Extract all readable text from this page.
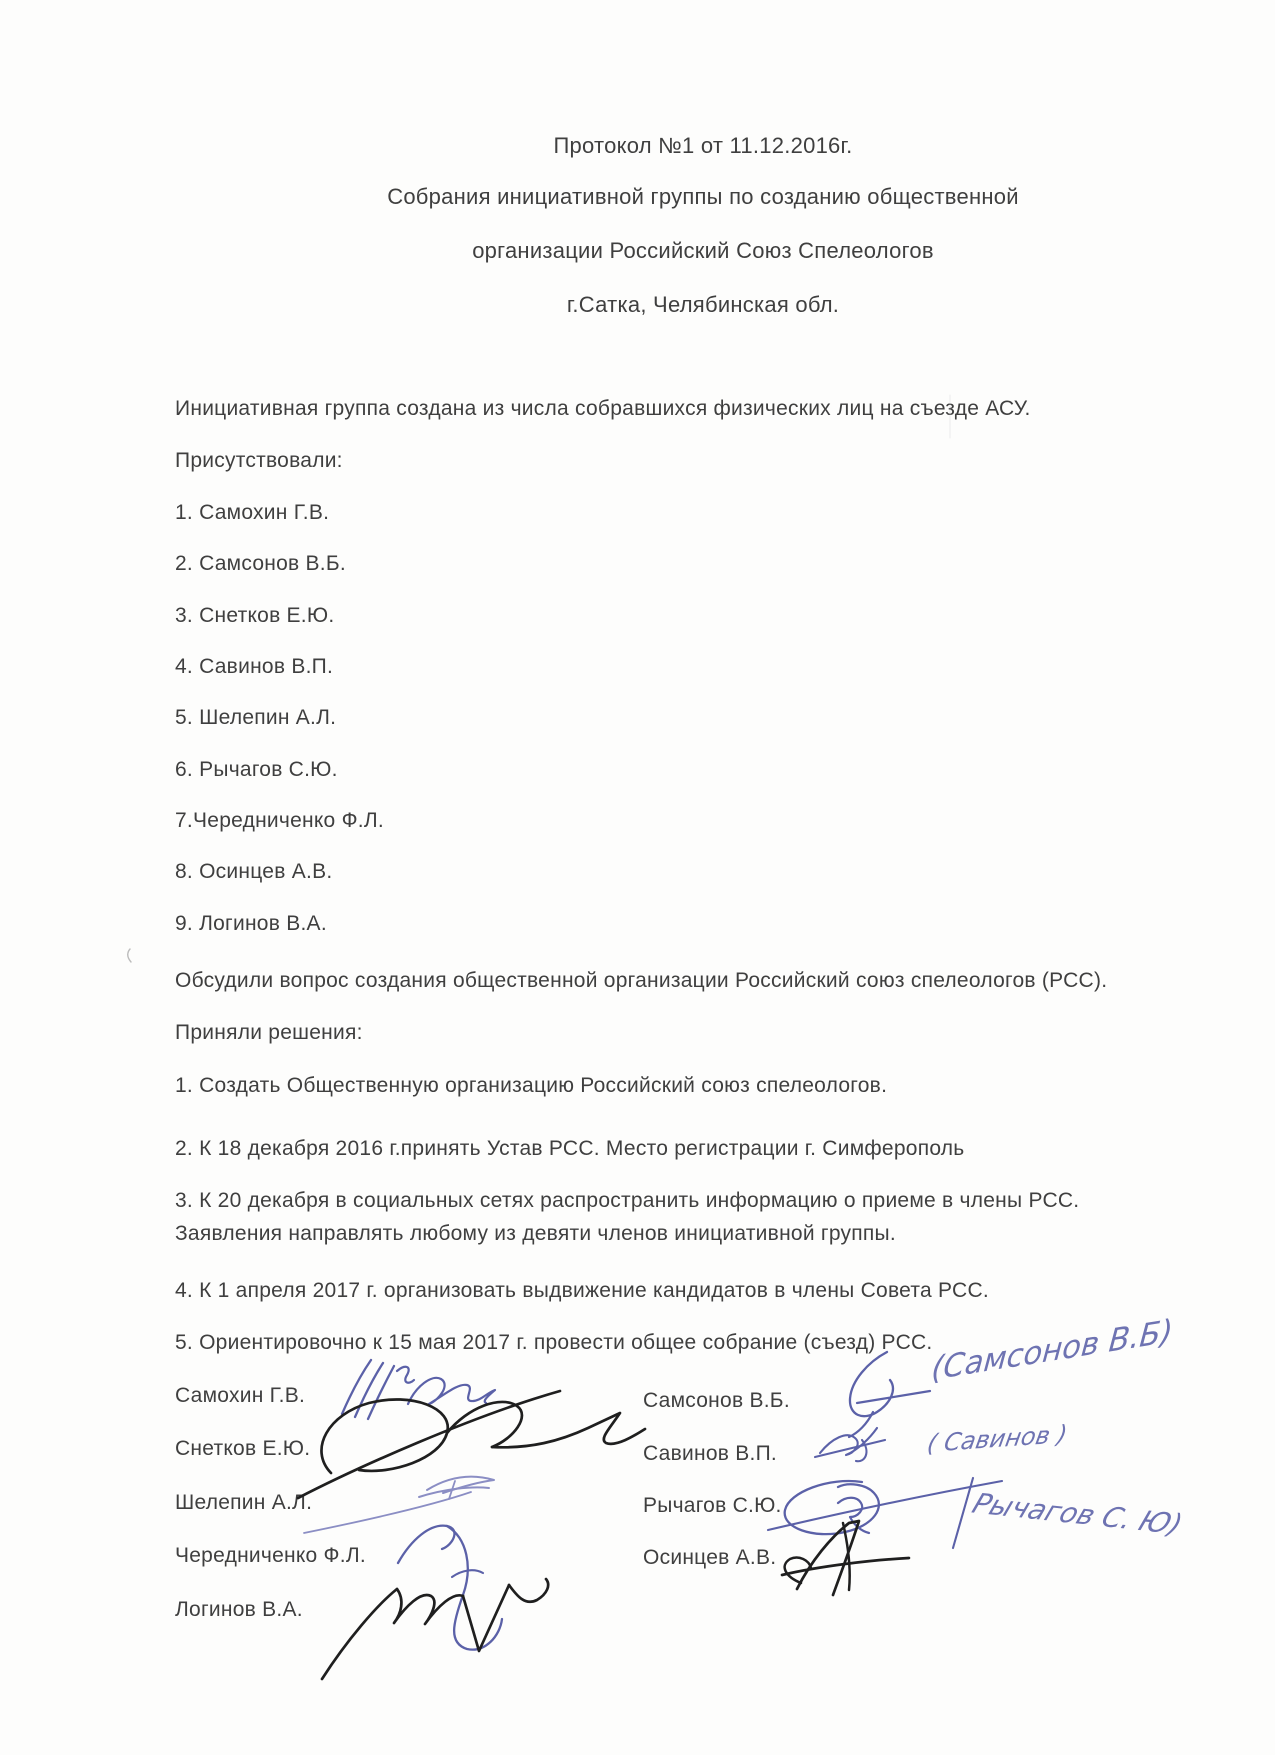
Протокол №1 от 11.12.2016г.
Собрания инициативной группы по созданию общественной
организации Российский Союз Спелеологов
г.Сатка, Челябинская обл.
Инициативная группа создана из числа собравшихся физических лиц на съезде АСУ.
Присутствовали:
1. Самохин Г.В.
2. Самсонов В.Б.
3. Снетков Е.Ю.
4. Савинов В.П.
5. Шелепин А.Л.
6. Рычагов С.Ю.
7.Чередниченко Ф.Л.
8. Осинцев А.В.
9. Логинов В.А.
Обсудили вопрос создания общественной организации Российский союз спелеологов (РСС).
Приняли решения:
1. Создать Общественную организацию Российский союз спелеологов.
2. К 18 декабря 2016 г.принять Устав РСС. Место регистрации г. Симферополь
3. К 20 декабря в социальных сетях распространить информацию о приеме в члены РСС.
Заявления направлять любому из девяти членов инициативной группы.
4. К 1 апреля 2017 г. организовать выдвижение кандидатов в члены Совета РСС.
5. Ориентировочно к 15 мая 2017 г. провести общее собрание (съезд) РСС.
Самохин Г.В.
Снетков Е.Ю.
Шелепин А.Л.
Чередниченко Ф.Л.
Логинов В.А.
Самсонов В.Б.
Савинов В.П.
Рычагов С.Ю.
Осинцев А.В.
(Самсонов В.Б)
( Савинов )
Рычагов С. Ю)
